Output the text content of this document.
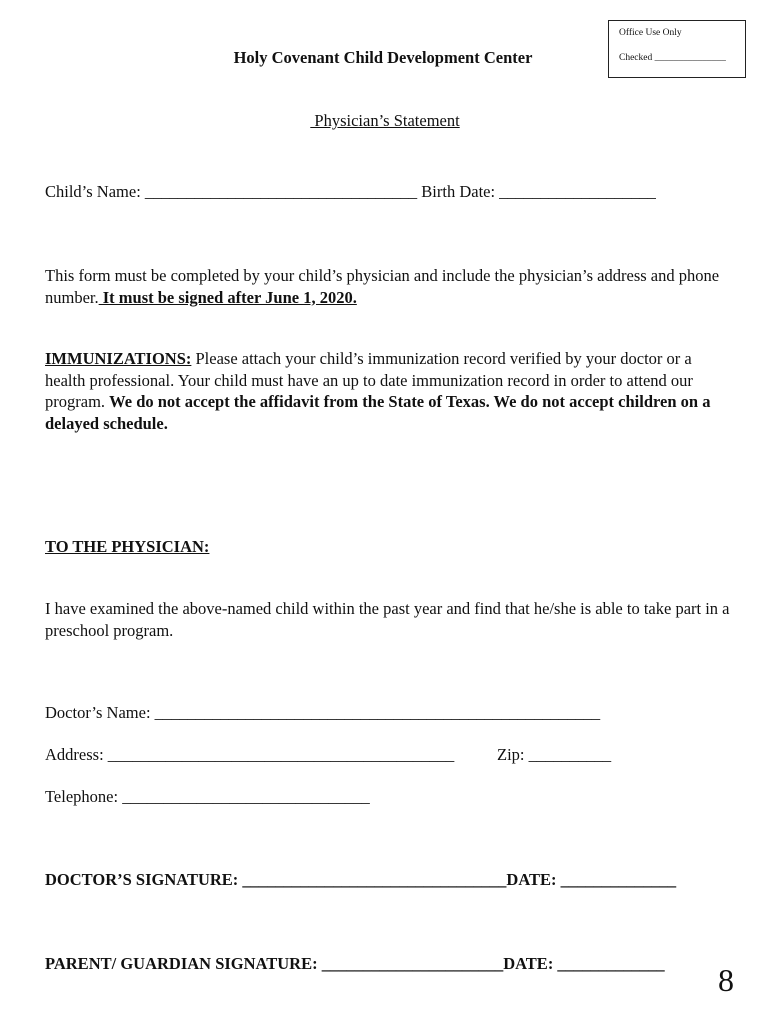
Office Use Only
Checked _______________
Holy Covenant Child Development Center
Physician’s Statement
Child’s Name: _________________________________ Birth Date: ___________________
This form must be completed by your child’s physician and include the physician’s address and phone number. It must be signed after June 1, 2020.
IMMUNIZATIONS: Please attach your child’s immunization record verified by your doctor or a health professional. Your child must have an up to date immunization record in order to attend our program. We do not accept the affidavit from the State of Texas. We do not accept children on a delayed schedule.
TO THE PHYSICIAN:
I have examined the above-named child within the past year and find that he/she is able to take part in a preschool program.
Doctor’s Name: ______________________________________________________
Address: __________________________________________	Zip: __________
Telephone: ______________________________
DOCTOR’S SIGNATURE: ________________________________DATE: ______________
PARENT/ GUARDIAN SIGNATURE: ______________________DATE: _____________ 8
